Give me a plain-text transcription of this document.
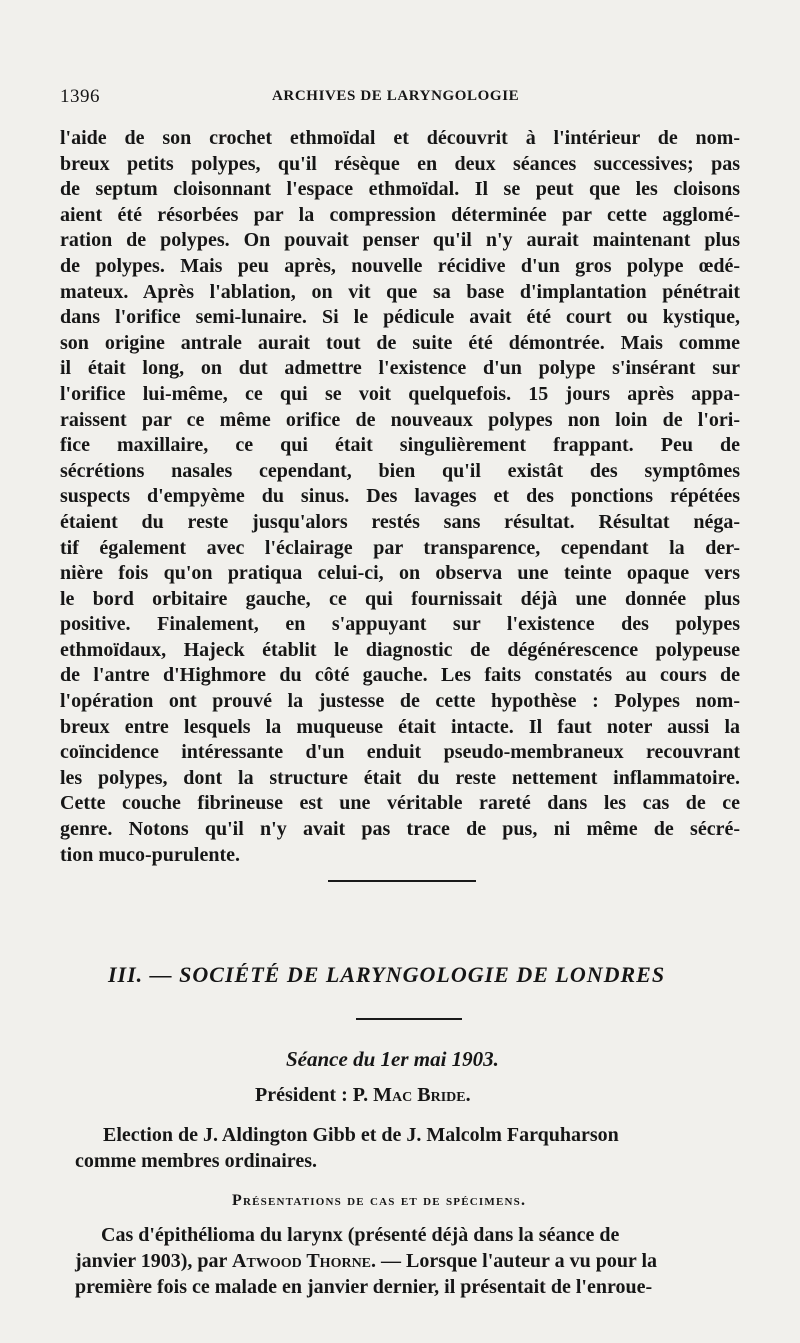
1396	ARCHIVES DE LARYNGOLOGIE
l'aide de son crochet ethmoïdal et découvrit à l'intérieur de nom-
breux petits polypes, qu'il résèque en deux séances successives; pas
de septum cloisonnant l'espace ethmoïdal. Il se peut que les cloisons
aient été résorbées par la compression déterminée par cette agglomé-
ration de polypes. On pouvait penser qu'il n'y aurait maintenant plus
de polypes. Mais peu après, nouvelle récidive d'un gros polype œdé-
mateux. Après l'ablation, on vit que sa base d'implantation pénétrait
dans l'orifice semi-lunaire. Si le pédicule avait été court ou kystique,
son origine antrale aurait tout de suite été démontrée. Mais comme
il était long, on dut admettre l'existence d'un polype s'insérant sur
l'orifice lui-même, ce qui se voit quelquefois. 15 jours après appa-
raissent par ce même orifice de nouveaux polypes non loin de l'ori-
fice maxillaire, ce qui était singulièrement frappant. Peu de
sécrétions nasales cependant, bien qu'il existât des symptômes
suspects d'empyème du sinus. Des lavages et des ponctions répétées
étaient du reste jusqu'alors restés sans résultat. Résultat néga-
tif également avec l'éclairage par transparence, cependant la der-
nière fois qu'on pratiqua celui-ci, on observa une teinte opaque vers
le bord orbitaire gauche, ce qui fournissait déjà une donnée plus
positive. Finalement, en s'appuyant sur l'existence des polypes
ethmoïdaux, Hajeck établit le diagnostic de dégénérescence polypeuse
de l'antre d'Highmore du côté gauche. Les faits constatés au cours de
l'opération ont prouvé la justesse de cette hypothèse : Polypes nom-
breux entre lesquels la muqueuse était intacte. Il faut noter aussi la
coïncidence intéressante d'un enduit pseudo-membraneux recouvrant
les polypes, dont la structure était du reste nettement inflammatoire.
Cette couche fibrineuse est une véritable rareté dans les cas de ce
genre. Notons qu'il n'y avait pas trace de pus, ni même de sécré-
tion muco-purulente.
III. — SOCIÉTÉ DE LARYNGOLOGIE DE LONDRES
Séance du 1er mai 1903.
Président : P. Mac Bride.
Election de J. Aldington Gibb et de J. Malcolm Farquharson
comme membres ordinaires.
Présentations de cas et de spécimens.
Cas d'épithélioma du larynx (présenté déjà dans la séance de
janvier 1903), par Atwood Thorne. — Lorsque l'auteur a vu pour la
première fois ce malade en janvier dernier, il présentait de l'enroue-
